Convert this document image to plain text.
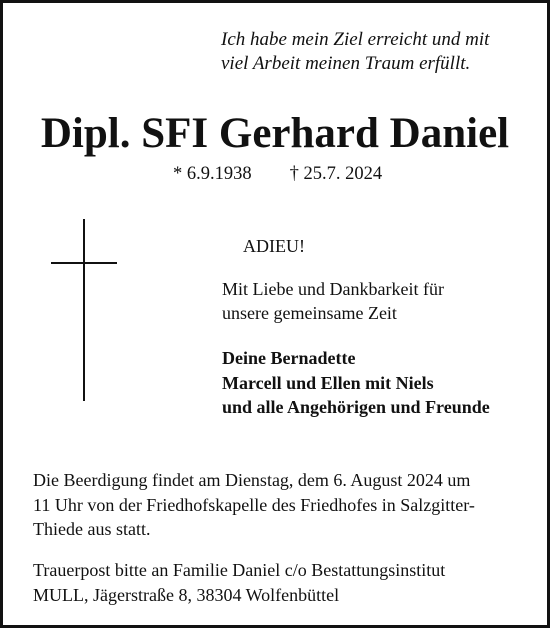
Ich habe mein Ziel erreicht und mit
viel Arbeit meinen Traum erfüllt.
Dipl. SFI Gerhard Daniel
* 6.9.1938 † 25.7. 2024
ADIEU!
Mit Liebe und Dankbarkeit für
unsere gemeinsame Zeit
Deine Bernadette
Marcell und Ellen mit Niels
und alle Angehörigen und Freunde
Die Beerdigung findet am Dienstag, dem 6. August 2024 um
11 Uhr von der Friedhofskapelle des Friedhofes in Salzgitter-
Thiede aus statt.
Trauerpost bitte an Familie Daniel c/o Bestattungsinstitut
MULL, Jägerstraße 8, 38304 Wolfenbüttel
